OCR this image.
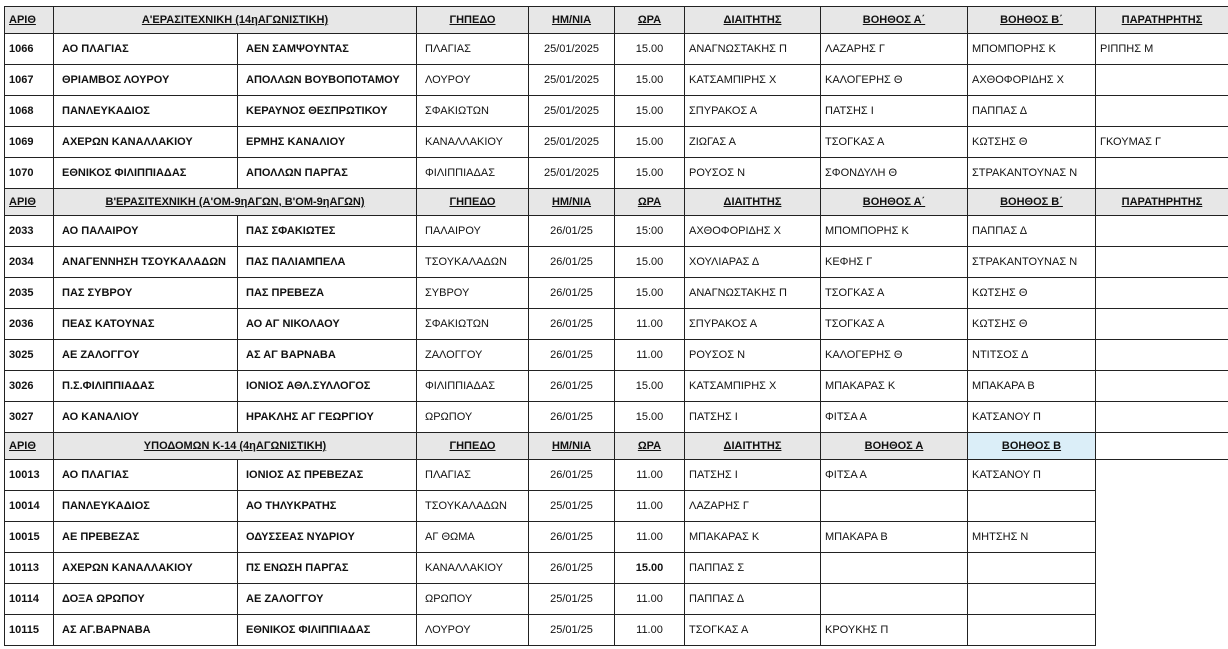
ΑΡΙΘ	Α'ΕΡΑΣΙΤΕΧΝΙΚΗ (14ηΑΓΩΝΙΣΤΙΚΗ)		ΓΗΠΕΔΟ	ΗΜ/ΝΙΑ	ΩΡΑ	ΔΙΑΙΤΗΤΗΣ	ΒΟΗΘΟΣ Α΄	ΒΟΗΘΟΣ Β΄	ΠΑΡΑΤΗΡΗΤΗΣ
1066	ΑΟ ΠΛΑΓΙΑΣ	ΑΕΝ ΣΑΜΨΟΥΝΤΑΣ	ΠΛΑΓΙΑΣ	25/01/2025	15.00	ΑΝΑΓΝΩΣΤΑΚΗΣ Π	ΛΑΖΑΡΗΣ Γ	ΜΠΟΜΠΟΡΗΣ Κ	ΡΙΠΠΗΣ Μ
1067	ΘΡΙΑΜΒΟΣ ΛΟΥΡΟΥ	ΑΠΟΛΛΩΝ ΒΟΥΒΟΠΟΤΑΜΟΥ	ΛΟΥΡΟΥ	25/01/2025	15.00	ΚΑΤΣΑΜΠΙΡΗΣ Χ	ΚΑΛΟΓΕΡΗΣ Θ	ΑΧΘΟΦΟΡΙΔΗΣ Χ	
1068	ΠΑΝΛΕΥΚΑΔΙΟΣ	ΚΕΡΑΥΝΟΣ ΘΕΣΠΡΩΤΙΚΟΥ	ΣΦΑΚΙΩΤΩΝ	25/01/2025	15.00	ΣΠΥΡΑΚΟΣ Α	ΠΑΤΣΗΣ Ι	ΠΑΠΠΑΣ Δ	
1069	ΑΧΕΡΩΝ ΚΑΝΑΛΛΑΚΙΟΥ	ΕΡΜΗΣ ΚΑΝΑΛΙΟΥ	ΚΑΝΑΛΛΑΚΙΟΥ	25/01/2025	15.00	ΖΙΩΓΑΣ Α	ΤΣΟΓΚΑΣ Α	ΚΩΤΣΗΣ Θ	ΓΚΟΥΜΑΣ Γ
1070	ΕΘΝΙΚΟΣ ΦΙΛΙΠΠΙΑΔΑΣ	ΑΠΟΛΛΩΝ ΠΑΡΓΑΣ	ΦΙΛΙΠΠΙΑΔΑΣ	25/01/2025	15.00	ΡΟΥΣΟΣ Ν	ΣΦΟΝΔΥΛΗ Θ	ΣΤΡΑΚΑΝΤΟΥΝΑΣ Ν	
ΑΡΙΘ	Β'ΕΡΑΣΙΤΕΧΝΙΚΗ (Α'ΟΜ-9ηΑΓΩΝ, Β'ΟΜ-9ηΑΓΩΝ)		ΓΗΠΕΔΟ	ΗΜ/ΝΙΑ	ΩΡΑ	ΔΙΑΙΤΗΤΗΣ	ΒΟΗΘΟΣ Α΄	ΒΟΗΘΟΣ Β΄	ΠΑΡΑΤΗΡΗΤΗΣ
2033	ΑΟ ΠΑΛΑΙΡΟΥ	ΠΑΣ ΣΦΑΚΙΩΤΕΣ	ΠΑΛΑΙΡΟΥ	26/01/25	15:00	ΑΧΘΟΦΟΡΙΔΗΣ Χ	ΜΠΟΜΠΟΡΗΣ Κ	ΠΑΠΠΑΣ Δ	
2034	ΑΝΑΓΕΝΝΗΣΗ ΤΣΟΥΚΑΛΑΔΩΝ	ΠΑΣ ΠΑΛΙΑΜΠΕΛΑ	ΤΣΟΥΚΑΛΑΔΩΝ	26/01/25	15.00	ΧΟΥΛΙΑΡΑΣ Δ	ΚΕΦΗΣ Γ	ΣΤΡΑΚΑΝΤΟΥΝΑΣ Ν	
2035	ΠΑΣ ΣΥΒΡΟΥ	ΠΑΣ ΠΡΕΒΕΖΑ	ΣΥΒΡΟΥ	26/01/25	15.00	ΑΝΑΓΝΩΣΤΑΚΗΣ Π	ΤΣΟΓΚΑΣ Α	ΚΩΤΣΗΣ Θ	
2036	ΠΕΑΣ ΚΑΤΟΥΝΑΣ	ΑΟ ΑΓ ΝΙΚΟΛΑΟΥ	ΣΦΑΚΙΩΤΩΝ	26/01/25	11.00	ΣΠΥΡΑΚΟΣ Α	ΤΣΟΓΚΑΣ Α	ΚΩΤΣΗΣ Θ	
3025	ΑΕ ΖΑΛΟΓΓΟΥ	ΑΣ ΑΓ ΒΑΡΝΑΒΑ	ΖΑΛΟΓΓΟΥ	26/01/25	11.00	ΡΟΥΣΟΣ Ν	ΚΑΛΟΓΕΡΗΣ Θ	ΝΤΙΤΣΟΣ Δ	
3026	Π.Σ.ΦΙΛΙΠΠΙΑΔΑΣ	ΙΟΝΙΟΣ ΑΘΛ.ΣΥΛΛΟΓΟΣ	ΦΙΛΙΠΠΙΑΔΑΣ	26/01/25	15.00	ΚΑΤΣΑΜΠΙΡΗΣ Χ	ΜΠΑΚΑΡΑΣ Κ	ΜΠΑΚΑΡΑ Β	
3027	ΑΟ ΚΑΝΑΛΙΟΥ	ΗΡΑΚΛΗΣ ΑΓ ΓΕΩΡΓΙΟΥ	ΩΡΩΠΟΥ	26/01/25	15.00	ΠΑΤΣΗΣ Ι	ΦΙΤΣΑ Α	ΚΑΤΣΑΝΟΥ Π	
ΑΡΙΘ	ΥΠΟΔΟΜΩΝ Κ-14 (4ηΑΓΩΝΙΣΤΙΚΗ)		ΓΗΠΕΔΟ	ΗΜ/ΝΙΑ	ΩΡΑ	ΔΙΑΙΤΗΤΗΣ	ΒΟΗΘΟΣ Α	ΒΟΗΘΟΣ Β	
10013	ΑΟ ΠΛΑΓΙΑΣ	ΙΟΝΙΟΣ ΑΣ ΠΡΕΒΕΖΑΣ	ΠΛΑΓΙΑΣ	26/01/25	11.00	ΠΑΤΣΗΣ Ι	ΦΙΤΣΑ Α	ΚΑΤΣΑΝΟΥ Π	
10014	ΠΑΝΛΕΥΚΑΔΙΟΣ	ΑΟ ΤΗΛΥΚΡΑΤΗΣ	ΤΣΟΥΚΑΛΑΔΩΝ	25/01/25	11.00	ΛΑΖΑΡΗΣ Γ			
10015	ΑΕ ΠΡΕΒΕΖΑΣ	ΟΔΥΣΣΕΑΣ ΝΥΔΡΙΟΥ	ΑΓ ΘΩΜΑ	26/01/25	11.00	ΜΠΑΚΑΡΑΣ Κ	ΜΠΑΚΑΡΑ Β	ΜΗΤΣΗΣ Ν	
10113	ΑΧΕΡΩΝ ΚΑΝΑΛΛΑΚΙΟΥ	ΠΣ ΕΝΩΣΗ ΠΑΡΓΑΣ	ΚΑΝΑΛΛΑΚΙΟΥ	26/01/25	15.00	ΠΑΠΠΑΣ Σ			
10114	ΔΟΞΑ ΩΡΩΠΟΥ	ΑΕ ΖΑΛΟΓΓΟΥ	ΩΡΩΠΟΥ	25/01/25	11.00	ΠΑΠΠΑΣ Δ			
10115	ΑΣ ΑΓ.ΒΑΡΝΑΒΑ	ΕΘΝΙΚΟΣ ΦΙΛΙΠΠΙΑΔΑΣ	ΛΟΥΡΟΥ	25/01/25	11.00	ΤΣΟΓΚΑΣ Α	ΚΡΟΥΚΗΣ Π		
